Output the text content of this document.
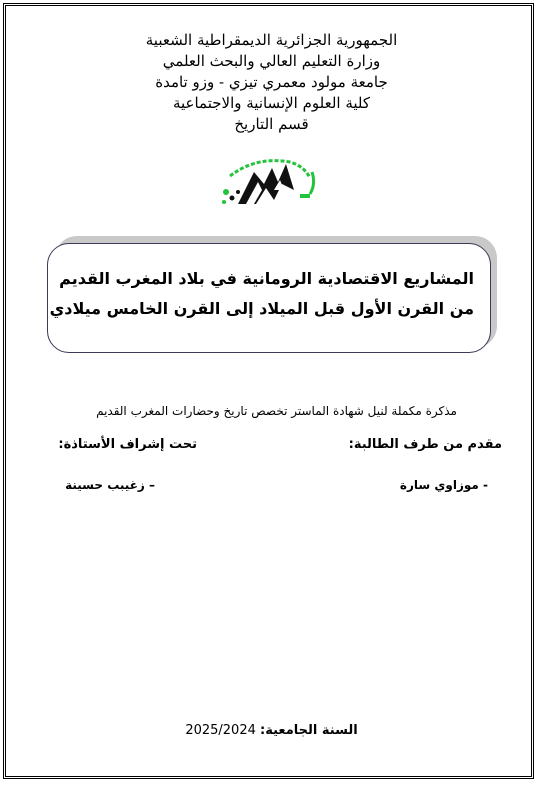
الجمهورية الجزائرية الديمقراطية الشعبية
وزارة التعليم العالي والبحث العلمي
جامعة مولود معمري تيزي - وزو تامدة
كلية العلوم الإنسانية والاجتماعية
قسم التاريخ
المشاريع الاقتصادية الرومانية في بلاد المغرب القديم
من القرن الأول قبل الميلاد إلى القرن الخامس ميلادي
مذكرة مكملة لنيل شهادة الماستر تخصص تاريخ وحضارات المغرب القديم
مقدم من طرف الطالبة:
تحت إشراف الأستاذة:
- موزاوي سارة
– زغيبب حسينة
السنة الجامعية: 2025/2024
